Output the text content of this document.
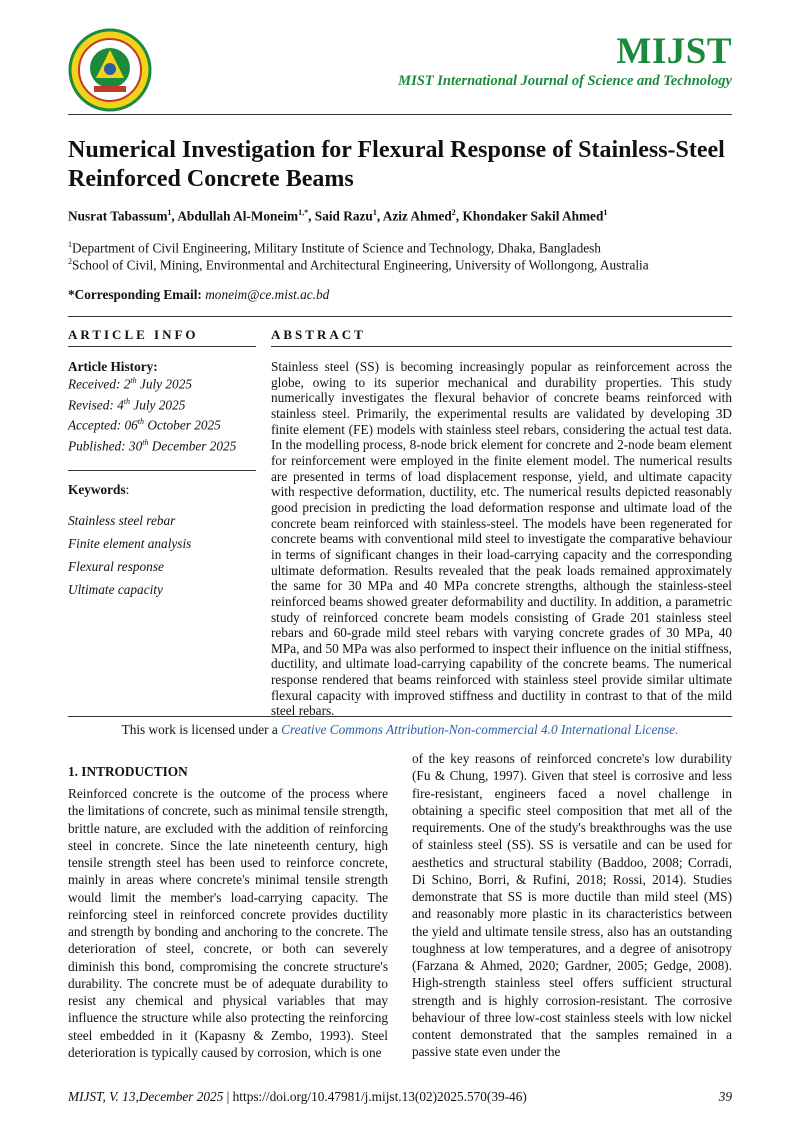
MIJST
MIST International Journal of Science and Technology
Numerical Investigation for Flexural Response of Stainless-Steel
Reinforced Concrete Beams
Nusrat Tabassum$^1$, Abdullah Al-Moneim$^{1,*}$, Said Razu$^1$, Aziz Ahmed$^2$, Khondaker Sakil Ahmed$^1$
$^1$Department of Civil Engineering, Military Institute of Science and Technology, Dhaka, Bangladesh
$^2$School of Civil, Mining, Environmental and Architectural Engineering, University of Wollongong, Australia
*Corresponding Email: moneim@ce.mist.ac.bd
ARTICLE INFO	ABSTRACT
Article History:
Received: 2th July 2025
Revised: 4th July 2025
Accepted: 06th October 2025
Published: 30th December 2025
Keywords:
Stainless steel rebar
Finite element analysis
Flexural response
Ultimate capacity
Stainless steel (SS) is becoming increasingly popular as reinforcement across the globe, owing to its superior mechanical and durability properties. This study numerically investigates the flexural behavior of concrete beams reinforced with stainless steel. Primarily, the experimental results are validated by developing 3D finite element (FE) models with stainless steel rebars, considering the actual test data. In the modelling process, 8-node brick element for concrete and 2-node beam element for reinforcement were employed in the finite element model. The numerical results are presented in terms of load displacement response, yield, and ultimate capacity with respective deformation, ductility, etc. The numerical results depicted reasonably good precision in predicting the load deformation response and ultimate load of the concrete beam reinforced with stainless-steel. The models have been regenerated for concrete beams with conventional mild steel to investigate the comparative behaviour in terms of significant changes in their load-carrying capacity and the corresponding ultimate deformation. Results revealed that the peak loads remained approximately the same for 30 MPa and 40 MPa concrete strengths, although the stainless-steel reinforced beams showed greater deformability and ductility. In addition, a parametric study of reinforced concrete beam models consisting of Grade 201 stainless steel rebars and 60-grade mild steel rebars with varying concrete grades of 30 MPa, 40 MPa, and 50 MPa was also performed to inspect their influence on the initial stiffness, ductility, and ultimate load-carrying capability of the concrete beams. The numerical response rendered that beams reinforced with stainless steel provide similar ultimate flexural capacity with improved stiffness and ductility in contrast to that of the mild steel rebars.
This work is licensed under a Creative Commons Attribution-Non-commercial 4.0 International License.
1. INTRODUCTION
Reinforced concrete is the outcome of the process where the limitations of concrete, such as minimal tensile strength, brittle nature, are excluded with the addition of reinforcing steel in concrete. Since the late nineteenth century, high tensile strength steel has been used to reinforce concrete, mainly in areas where concrete's minimal tensile strength would limit the member's load-carrying capacity. The reinforcing steel in reinforced concrete provides ductility and strength by bonding and anchoring to the concrete. The deterioration of steel, concrete, or both can severely diminish this bond, compromising the concrete structure's durability. The concrete must be of adequate durability to resist any chemical and physical variables that may influence the structure while also protecting the reinforcing steel embedded in it (Kapasny & Zembo, 1993). Steel deterioration is typically caused by corrosion, which is one
of the key reasons of reinforced concrete's low durability (Fu & Chung, 1997). Given that steel is corrosive and less fire-resistant, engineers faced a novel challenge in obtaining a specific steel composition that met all of the requirements. One of the study's breakthroughs was the use of stainless steel (SS). SS is versatile and can be used for aesthetics and structural stability (Baddoo, 2008; Corradi, Di Schino, Borri, & Rufini, 2018; Rossi, 2014). Studies demonstrate that SS is more ductile than mild steel (MS) and reasonably more plastic in its characteristics between the yield and ultimate tensile stress, also has an outstanding toughness at low temperatures, and a degree of anisotropy (Farzana & Ahmed, 2020; Gardner, 2005; Gedge, 2008). High-strength stainless steel offers sufficient structural strength and is highly corrosion-resistant. The corrosive behaviour of three low-cost stainless steels with low nickel content demonstrated that the samples remained in a passive state even under the
MIJST, V. 13,December 2025 | https://doi.org/10.47981/j.mijst.13(02)2025.570(39-46)	39
